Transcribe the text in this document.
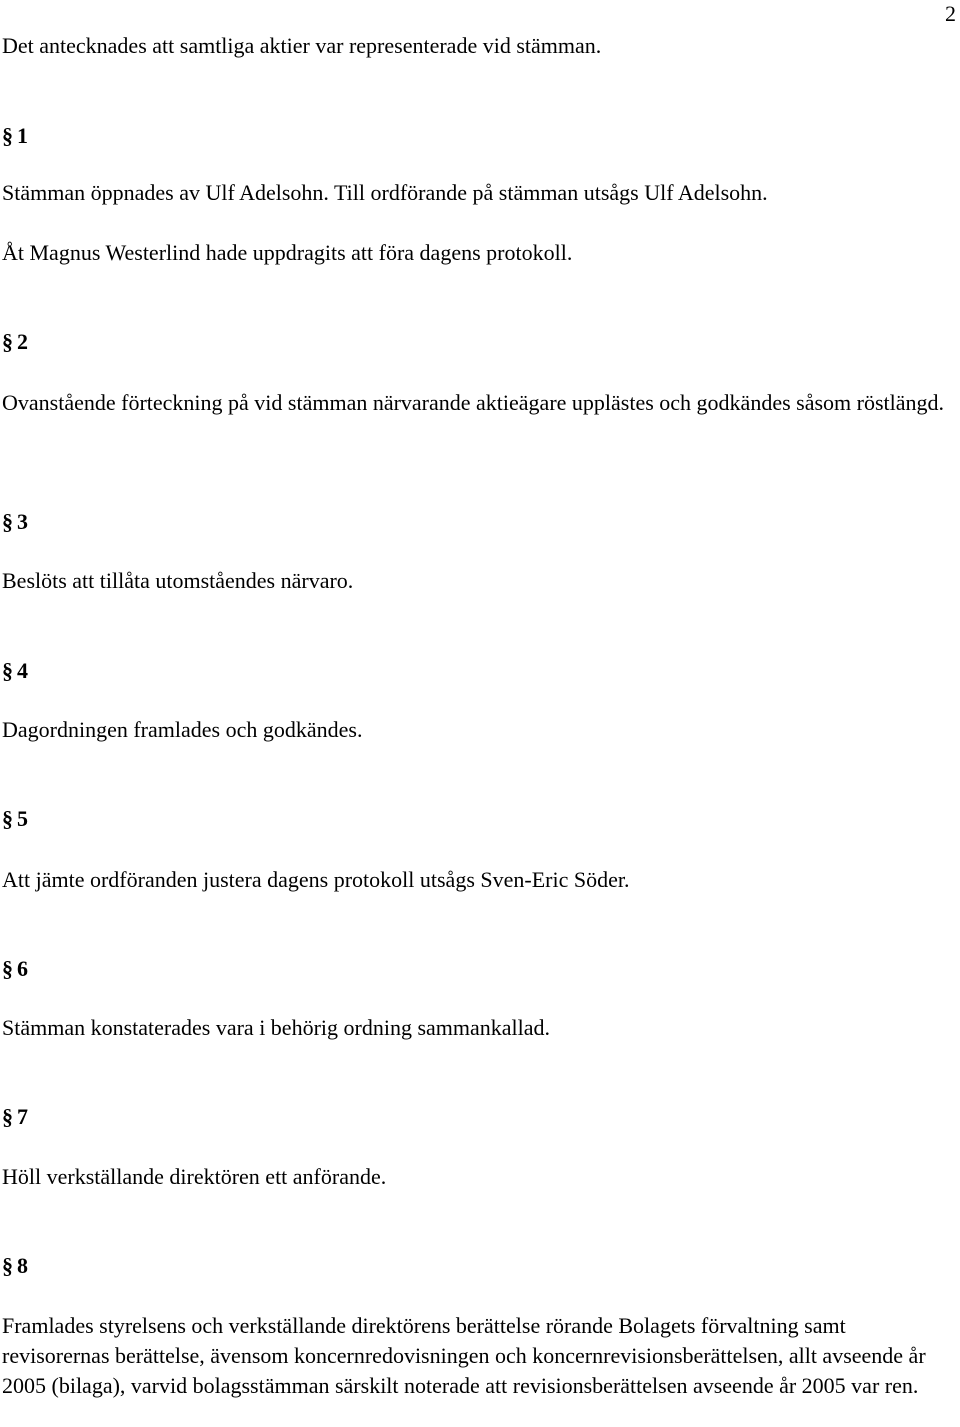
2

Det antecknades att samtliga aktier var representerade vid stämman.

§ 1

Stämman öppnades av Ulf Adelsohn. Till ordförande på stämman utsågs Ulf Adelsohn.

Åt Magnus Westerlind hade uppdragits att föra dagens protokoll.

§ 2

Ovanstående förteckning på vid stämman närvarande aktieägare upplästes och godkändes såsom röstlängd.

§ 3

Beslöts att tillåta utomståendes närvaro.

§ 4

Dagordningen framlades och godkändes.

§ 5

Att jämte ordföranden justera dagens protokoll utsågs Sven-Eric Söder.

§ 6

Stämman konstaterades vara i behörig ordning sammankallad.

§ 7

Höll verkställande direktören ett anförande.

§ 8

Framlades styrelsens och verkställande direktörens berättelse rörande Bolagets förvaltning samt revisorernas berättelse, ävensom koncernredovisningen och koncernrevisionsberättelsen, allt avseende år 2005 (bilaga), varvid bolagsstämman särskilt noterade att revisionsberättelsen avseende år 2005 var ren.
